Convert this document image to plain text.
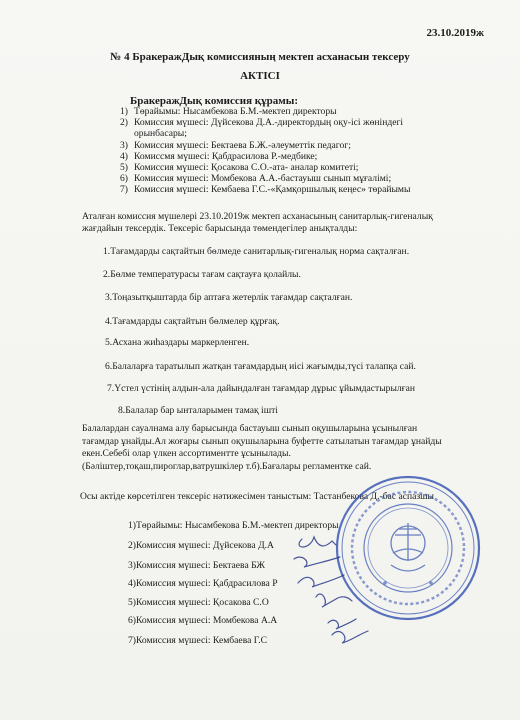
23.10.2019ж
№ 4 БракеражДық комиссияның мектеп асханасын тексеру
АКТІСІ
БракеражДық комиссия құрамы:
1) Төрайымы: Нысамбекова Б.М.-мектеп директоры
2) Комиссия мүшесі: Дүйсекова Д.А.-директордың оқу-ісі жөніндегі орынбасары;
3) Комиссия мүшесі: Бектаева Б.Ж.-әлеуметтік педагог;
4) Комиссмя мүшесі: Қабдрасилова Р.-медбике;
5) Комиссия мүшесі: Қосакова С.О.-ата- аналар комитеті;
6) Комиссия мүшесі: Момбекова А.А.-бастауыш сынып мұғалімі;
7) Комиссия мүшесі: Кембаева Г.С.-«Қамқоршылық кеңес» төрайымы
Аталған комиссия мүшелері 23.10.2019ж мектеп асханасының санитарлық-гигеналық жағдайын тексердік. Тексеріс барысында төмендегілер анықталды:
1.Тағамдарды сақтайтын бөлмеде санитарлық-гигеналық норма сақталған.
2.Бөлме температурасы тағам сақтауға қолайлы.
3.Тоңазытқыштарда бір аптаға жетерлік тағамдар сақталған.
4.Тағамдарды сақтайтын бөлмелер құрғақ.
5.Асхана жиһаздары маркерленген.
6.Балаларға таратылып жатқан тағамдардың иісі жағымды,түсі талапқа сай.
7.Үстел үстінің алдын-ала дайындалған тағамдар дұрыс ұйымдастырылған
8.Балалар бар ынталарымен тамақ ішті
Балалардан сауалнама алу барысында бастауыш сынып оқушыларына ұсынылған тағамдар ұнайды.Ал жоғары сынып оқушыларына буфетте сатылатын тағамдар ұнайды екен.Себебі олар үлкен ассортиментте ұсынылады. (Бәліштер,тоқаш,пироглар,ватрушкілер т.б).Бағалары регламентке сай.
Осы актіде көрсетілген тексеріс нәтижесімен таныстым: Тастанбекова Д.-бас аспазшы
1)Төрайымы: Нысамбекова Б.М.-мектеп директоры
2)Комиссия мүшесі: Дүйсекова Д.А
3)Комиссия мүшесі: Бектаева БЖ
4)Комиссия мүшесі: Қабдрасилова Р
5)Комиссия мүшесі: Қосакова С.О
6)Комиссия мүшесі: Момбекова А.А
7)Комиссия мүшесі: Кембаева Г.С
